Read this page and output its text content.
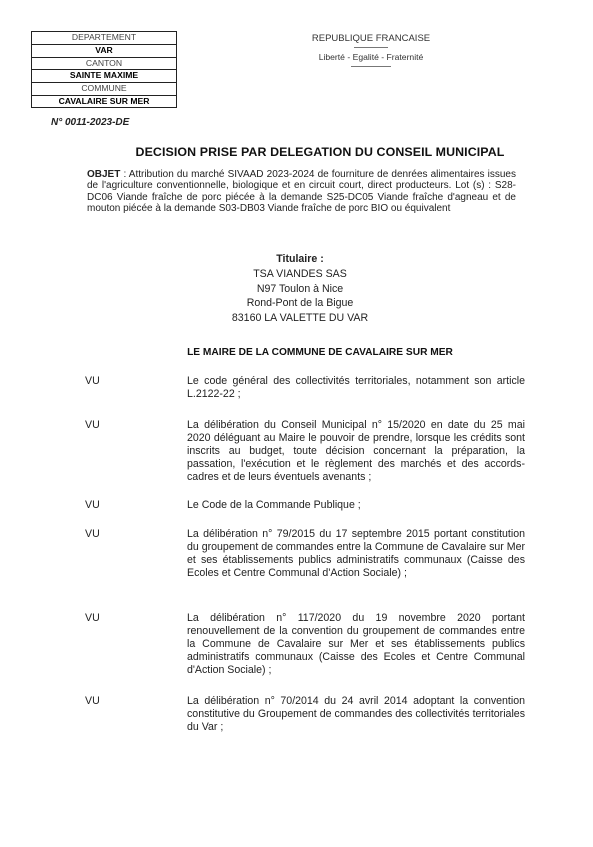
DEPARTEMENT
VAR
CANTON
SAINTE MAXIME
COMMUNE
CAVALAIRE SUR MER
REPUBLIQUE FRANCAISE
Liberté - Egalité - Fraternité
N° 0011-2023-DE
DECISION PRISE PAR DELEGATION DU CONSEIL MUNICIPAL
OBJET : Attribution du marché SIVAAD 2023-2024 de fourniture de denrées alimentaires issues de l'agriculture conventionnelle, biologique et en circuit court, direct producteurs. Lot (s) : S28-DC06 Viande fraîche de porc piécée à la demande S25-DC05 Viande fraîche d'agneau et de mouton piécée à la demande S03-DB03 Viande fraîche de porc BIO ou équivalent
Titulaire :
TSA VIANDES SAS
N97 Toulon à Nice
Rond-Pont de la Bigue
83160 LA VALETTE DU VAR
LE MAIRE DE LA COMMUNE DE CAVALAIRE SUR MER
VU	Le code général des collectivités territoriales, notamment son article L.2122-22 ;
VU	La délibération du Conseil Municipal n° 15/2020 en date du 25 mai 2020 déléguant au Maire le pouvoir de prendre, lorsque les crédits sont inscrits au budget, toute décision concernant la préparation, la passation, l'exécution et le règlement des marchés et des accords-cadres et de leurs éventuels avenants ;
VU	Le Code de la Commande Publique ;
VU	La délibération n° 79/2015 du 17 septembre 2015 portant constitution du groupement de commandes entre la Commune de Cavalaire sur Mer et ses établissements publics administratifs communaux (Caisse des Ecoles et Centre Communal d'Action Sociale) ;
VU	La délibération n° 117/2020 du 19 novembre 2020 portant renouvellement de la convention du groupement de commandes entre la Commune de Cavalaire sur Mer et ses établissements publics administratifs communaux (Caisse des Ecoles et Centre Communal d'Action Sociale) ;
VU	La délibération n° 70/2014 du 24 avril 2014 adoptant la convention constitutive du Groupement de commandes des collectivités territoriales du Var ;
